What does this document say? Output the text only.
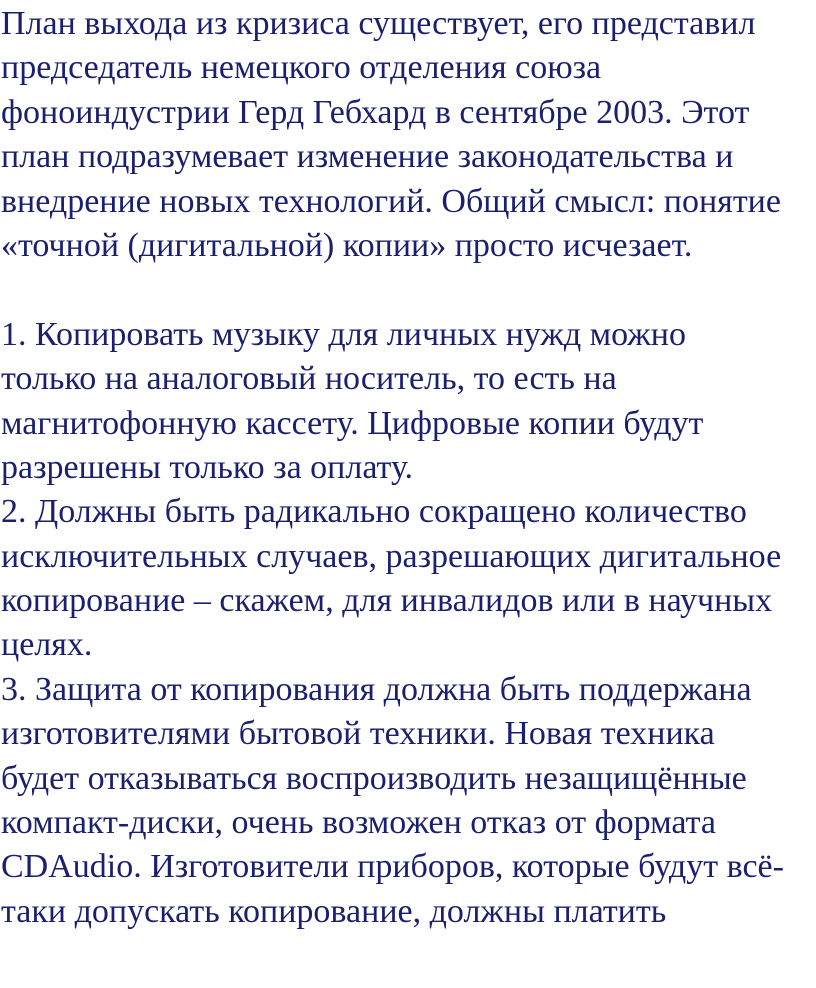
План выхода из кризиса существует, его представил
председатель немецкого отделения союза
фоноиндустрии Герд Гебхард в сентябре 2003. Этот
план подразумевает изменение законодательства и
внедрение новых технологий. Общий смысл: понятие
«точной (дигитальной) копии» просто исчезает.
1. Копировать музыку для личных нужд можно
только на аналоговый носитель, то есть на
магнитофонную кассету. Цифровые копии будут
разрешены только за оплату.
2. Должны быть радикально сокращено количество
исключительных случаев, разрешающих дигитальное
копирование – скажем, для инвалидов или в научных
целях.
3. Защита от копирования должна быть поддержана
изготовителями бытовой техники. Новая техника
будет отказываться воспроизводить незащищённые
компакт-диски, очень возможен отказ от формата
CDAudio. Изготовители приборов, которые будут всё-
таки допускать копирование, должны платить
